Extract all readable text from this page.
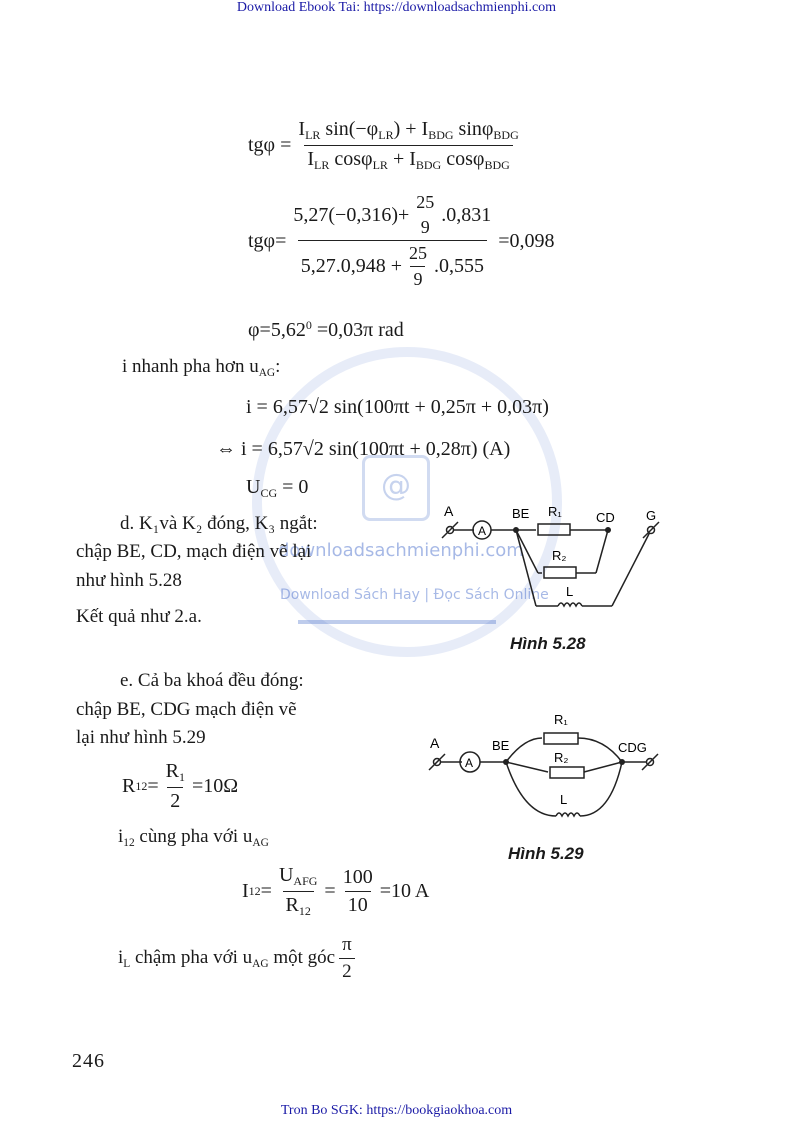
Download Ebook Tai: https://downloadsachmienphi.com
@
downloadsachmienphi.com
Download Sách Hay | Đọc Sách Online
$tg\varphi = \frac{I_{LR} \sin(-\varphi_{LR}) + I_{BDG} \sin\varphi_{BDG}}{I_{LR} \cos\varphi_{LR} + I_{BDG} \cos\varphi_{BDG}}$
tgφ=
5,27(−0,316)+
25
9
.0,831
$5,27.0,948 + \frac{25}{9} .0,555$
=0,098
$\varphi=5,62^0 =0,03\pi$ rad
i nhanh pha hơn $u_{AG}$:
i = 6,57√2 sin(100πt + 0,25π + 0,03π)
⇔ i = 6,57√2 sin(100πt + 0,28π) (A)
$U_{CG} = 0$
d. K₁và K₂ đóng, K₃ ngắt:
chập BE, CD, mạch điện vẽ lại
như hình 5.28
Kết quả như 2.a.
A
A
BE R₁
R₂
L
CD G
Hình 5.28
e. Cả ba khoá đều đóng:
chập BE, CDG mạch điện vẽ
lại như hình 5.29	A
A
BE
R₁
R₂
L
CDG
Hình 5.29
R $12 = \frac{R_1}{2} =10\Omega$
$i_{12}$ cùng pha với $u_{AG}$
I $12 = \frac{U_{AFG}}{R_{12}} = \frac{100}{10} =10$ A
$i_L$ chậm pha với $u_{AG}$ một góc $\frac{\pi}{2}$
246
Tron Bo SGK: https://bookgiaokhoa.com
